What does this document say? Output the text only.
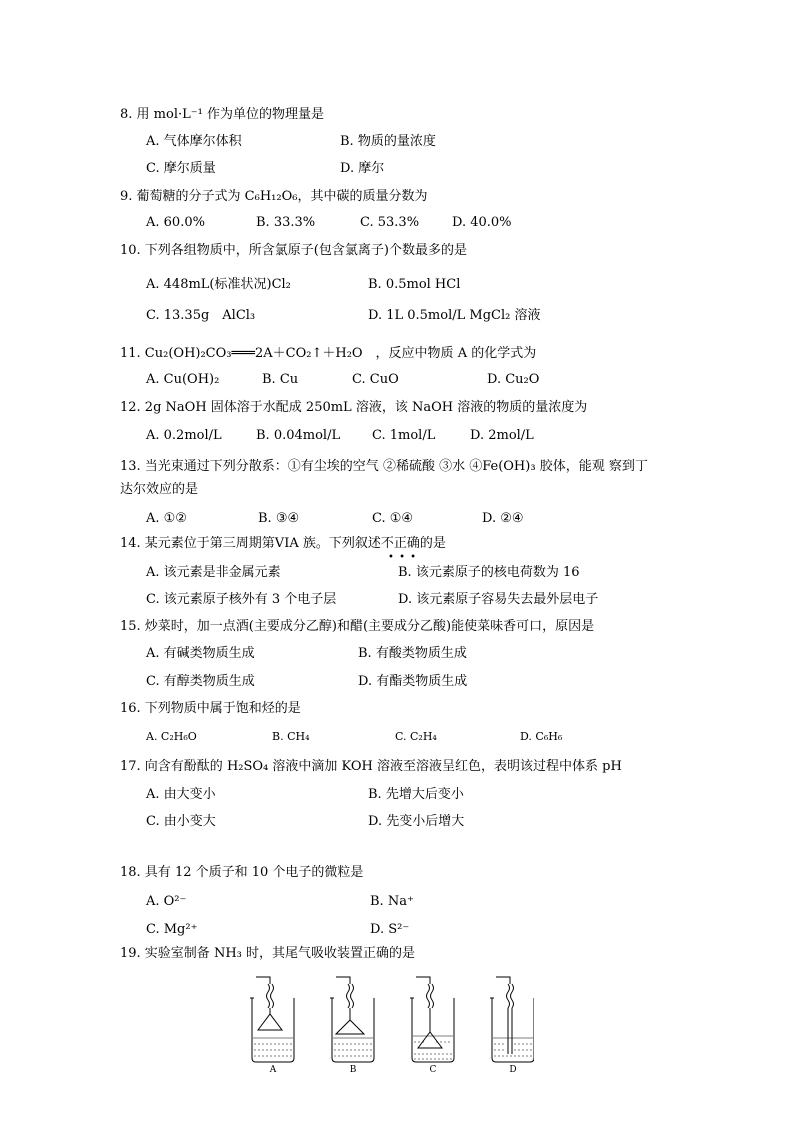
8. 用 mol·L⁻¹ 作为单位的物理量是
A. 气体摩尔体积	B. 物质的量浓度
C. 摩尔质量	D. 摩尔
9. 葡萄糖的分子式为 C₆H₁₂O₆，其中碳的质量分数为
A. 60.0%	B. 33.3%	C. 53.3%	D. 40.0%
10. 下列各组物质中，所含氯原子(包含氯离子)个数最多的是
A. 448mL(标准状况)Cl₂	B. 0.5mol HCl
C. 13.35g　AlCl₃	D. 1L 0.5mol/L MgCl₂ 溶液
11. Cu₂(OH)₂CO₃═══2A＋CO₂↑＋H₂O　，反应中物质 A 的化学式为
A. Cu(OH)₂	B. Cu	C. CuO	D. Cu₂O
12. 2g NaOH 固体溶于水配成 250mL 溶液，该 NaOH 溶液的物质的量浓度为
A. 0.2mol/L	B. 0.04mol/L C. 1mol/L	D. 2mol/L
13. 当光束通过下列分散系：①有尘埃的空气 ②稀硫酸 ③水 ④Fe(OH)₃ 胶体，能观 察到丁
达尔效应的是
A. ①②	B. ③④	C. ①④	D. ②④
14. 某元素位于第三周期第VIA 族。下列叙述不正确的是
• • •
A. 该元素是非金属元素	B. 该元素原子的核电荷数为 16
C. 该元素原子核外有 3 个电子层	D. 该元素原子容易失去最外层电子
15. 炒菜时，加一点酒(主要成分乙醇)和醋(主要成分乙酸)能使菜味香可口，原因是
A. 有碱类物质生成	B. 有酸类物质生成
C. 有醇类物质生成	D. 有酯类物质生成
16. 下列物质中属于饱和烃的是
A. C₂H₆O	B. CH₄	C. C₂H₄	D. C₆H₆
17. 向含有酚酞的 H₂SO₄ 溶液中滴加 KOH 溶液至溶液呈红色，表明该过程中体系 pH
A. 由大变小	B. 先增大后变小
C. 由小变大	D. 先变小后增大
18. 具有 12 个质子和 10 个电子的微粒是
A. O²⁻	B. Na⁺
C. Mg²⁺	D. S²⁻
19. 实验室制备 NH₃ 时，其尾气吸收装置正确的是
A	B	C	D
